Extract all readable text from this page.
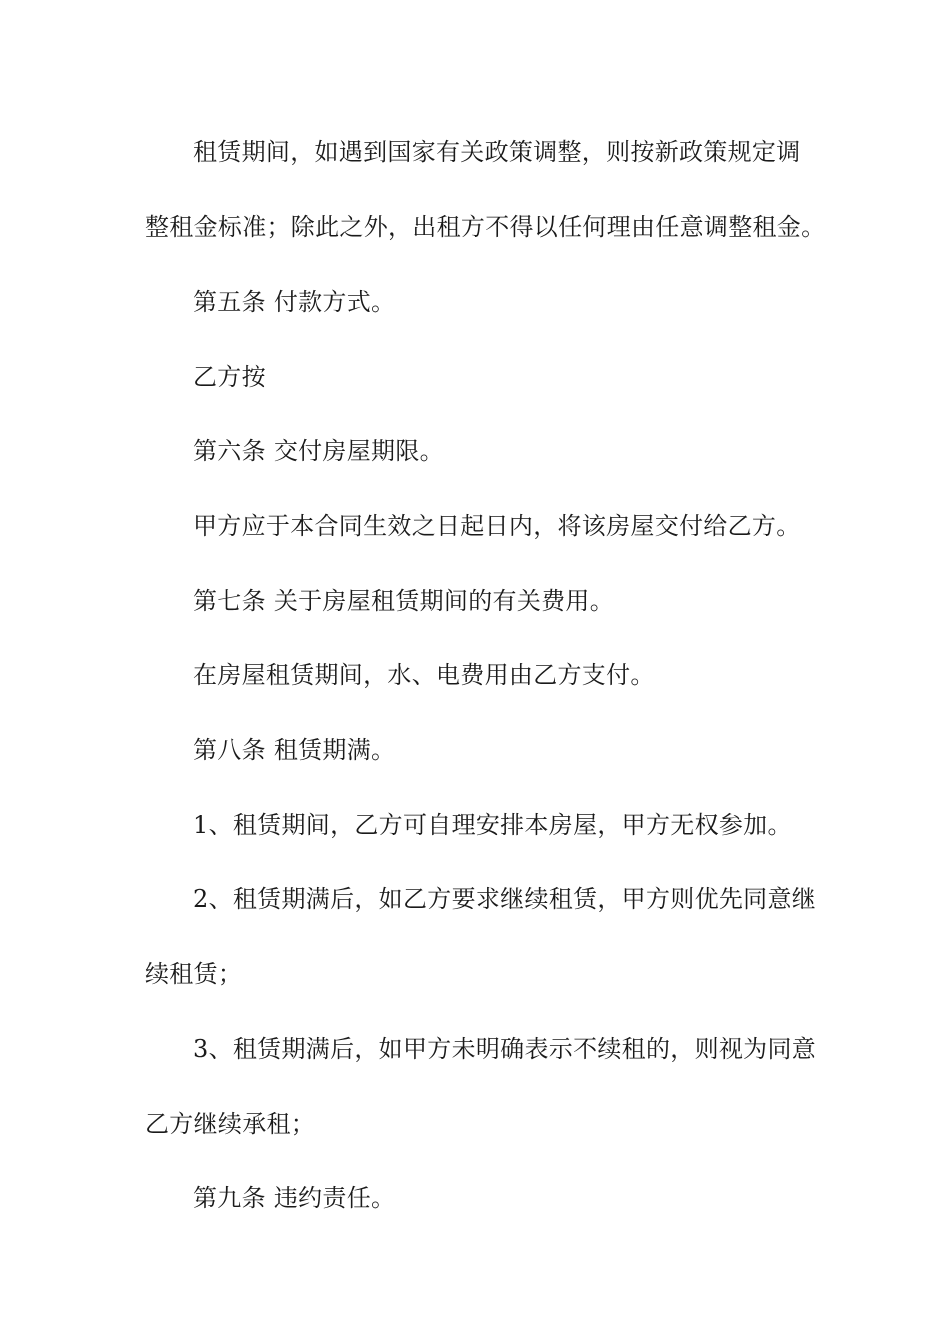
租赁期间，如遇到国家有关政策调整，则按新政策规定调
整租金标准；除此之外，出租方不得以任何理由任意调整租金。
第五条 付款方式。
乙方按
第六条 交付房屋期限。
甲方应于本合同生效之日起日内，将该房屋交付给乙方。
第七条 关于房屋租赁期间的有关费用。
在房屋租赁期间，水、电费用由乙方支付。
第八条 租赁期满。
1、租赁期间，乙方可自理安排本房屋，甲方无权参加。
2、租赁期满后，如乙方要求继续租赁，甲方则优先同意继
续租赁；
3、租赁期满后，如甲方未明确表示不续租的，则视为同意
乙方继续承租；
第九条 违约责任。
